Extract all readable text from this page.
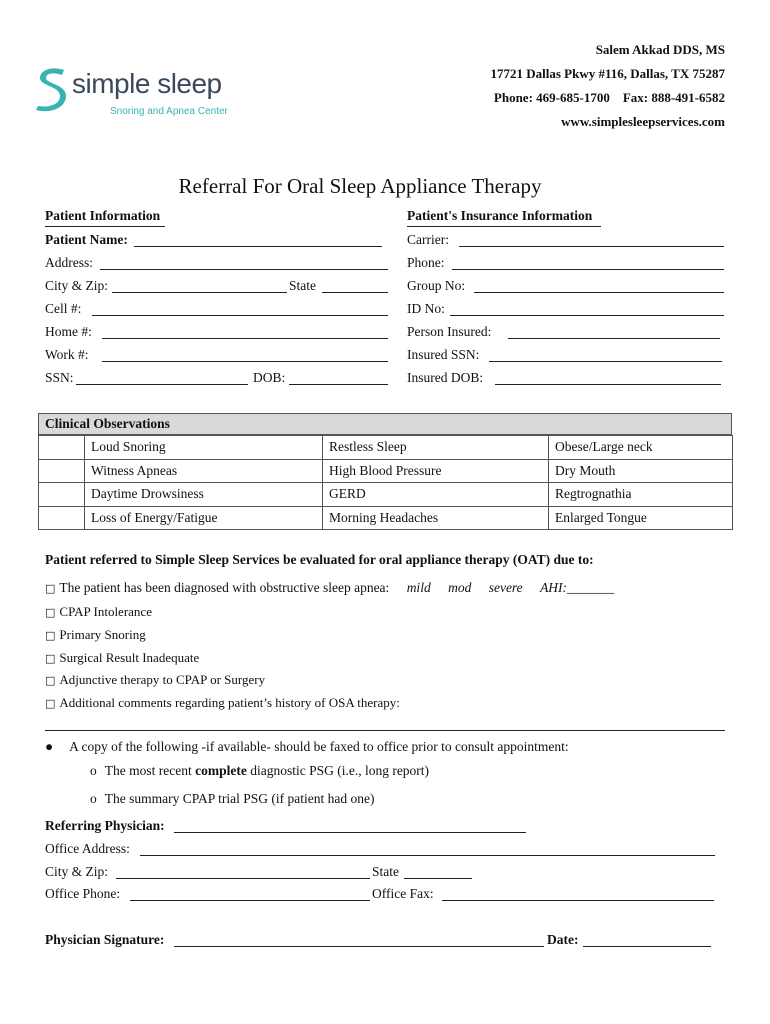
simple sleep
Snoring and Apnea Center
Salem Akkad DDS, MS
17721 Dallas Pkwy #116, Dallas, TX 75287
Phone: 469-685-1700    Fax: 888-491-6582
www.simplesleepservices.com
Referral For Oral Sleep Appliance Therapy
Patient Information
Patient Name:
Address:
City & Zip:	State
Cell #:
Home #:
Work #:
SSN:	DOB:
Patient's Insurance Information
Carrier:
Phone:
Group No:
ID No:
Person Insured:
Insured SSN:
Insured DOB:
Clinical Observations
	Loud Snoring	Restless Sleep	Obese/Large neck
	Witness Apneas	High Blood Pressure	Dry Mouth
	Daytime Drowsiness	GERD	Regtrognathia
	Loss of Energy/Fatigue	Morning Headaches	Enlarged Tongue
Patient referred to Simple Sleep Services be evaluated for oral appliance therapy (OAT) due to:
□ The patient has been diagnosed with obstructive sleep apnea: mild mod severe AHI:_______
□ CPAP Intolerance
□ Primary Snoring
□ Surgical Result Inadequate
□ Adjunctive therapy to CPAP or Surgery
□ Additional comments regarding patient’s history of OSA therapy:
● A copy of the following -if available- should be faxed to office prior to consult appointment:
o The most recent complete diagnostic PSG (i.e., long report)
o The summary CPAP trial PSG (if patient had one)
Referring Physician:
Office Address:
City & Zip:	State
Office Phone:	Office Fax:
Physician Signature:	Date:
